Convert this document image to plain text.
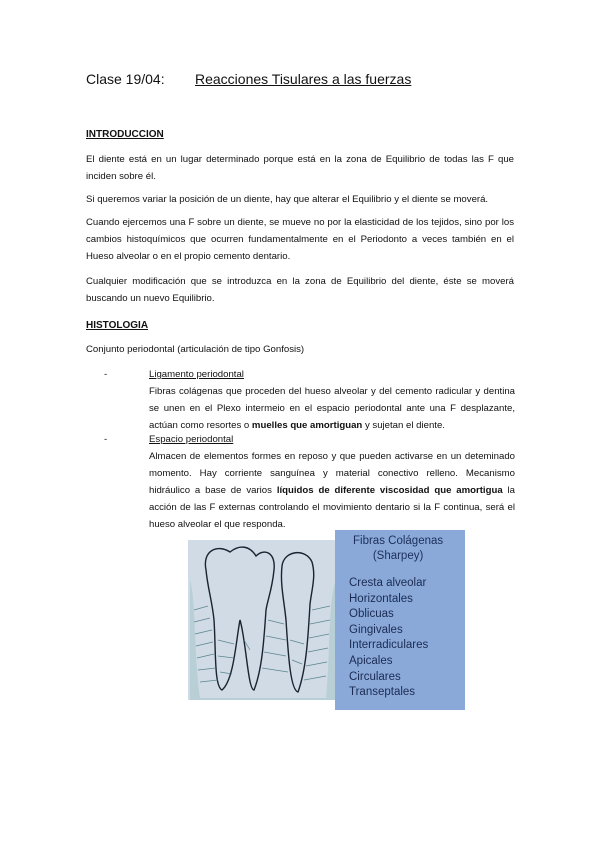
Clase 19/04: Reacciones Tisulares a las fuerzas
INTRODUCCION
El diente está en un lugar determinado porque está en la zona de Equilibrio de todas las F que inciden sobre él.
Si queremos variar la posición de un diente, hay que alterar el Equilibrio y el diente se moverá.
Cuando ejercemos una F sobre un diente, se mueve no por la elasticidad de los tejidos, sino por los cambios histoquímicos que ocurren fundamentalmente en el Periodonto a veces también en el Hueso alveolar o en el propio cemento dentario.
Cualquier modificación que se introduzca en la zona de Equilibrio del diente, éste se moverá buscando un nuevo Equilibrio.
HISTOLOGIA
Conjunto periodontal (articulación de tipo Gonfosis)
-	Ligamento periodontal
Fibras colágenas que proceden del hueso alveolar y del cemento radicular y dentina se unen en el Plexo intermeio en el espacio periodontal ante una F desplazante, actúan como resortes o muelles que amortiguan y sujetan el diente.
-	Espacio periodontal
Almacen de elementos formes en reposo y que pueden activarse en un deteminado momento. Hay corriente sanguínea y material conectivo relleno. Mecanismo hidráulico a base de varios líquidos de diferente viscosidad que amortigua la acción de las F externas controlando el movimiento dentario si la F continua, será el hueso alveolar el que responda.
Fibras Colágenas
(Sharpey)
Cresta alveolar
Horizontales
Oblicuas
Gingivales
Interradiculares
Apicales
Circulares
Transeptales
